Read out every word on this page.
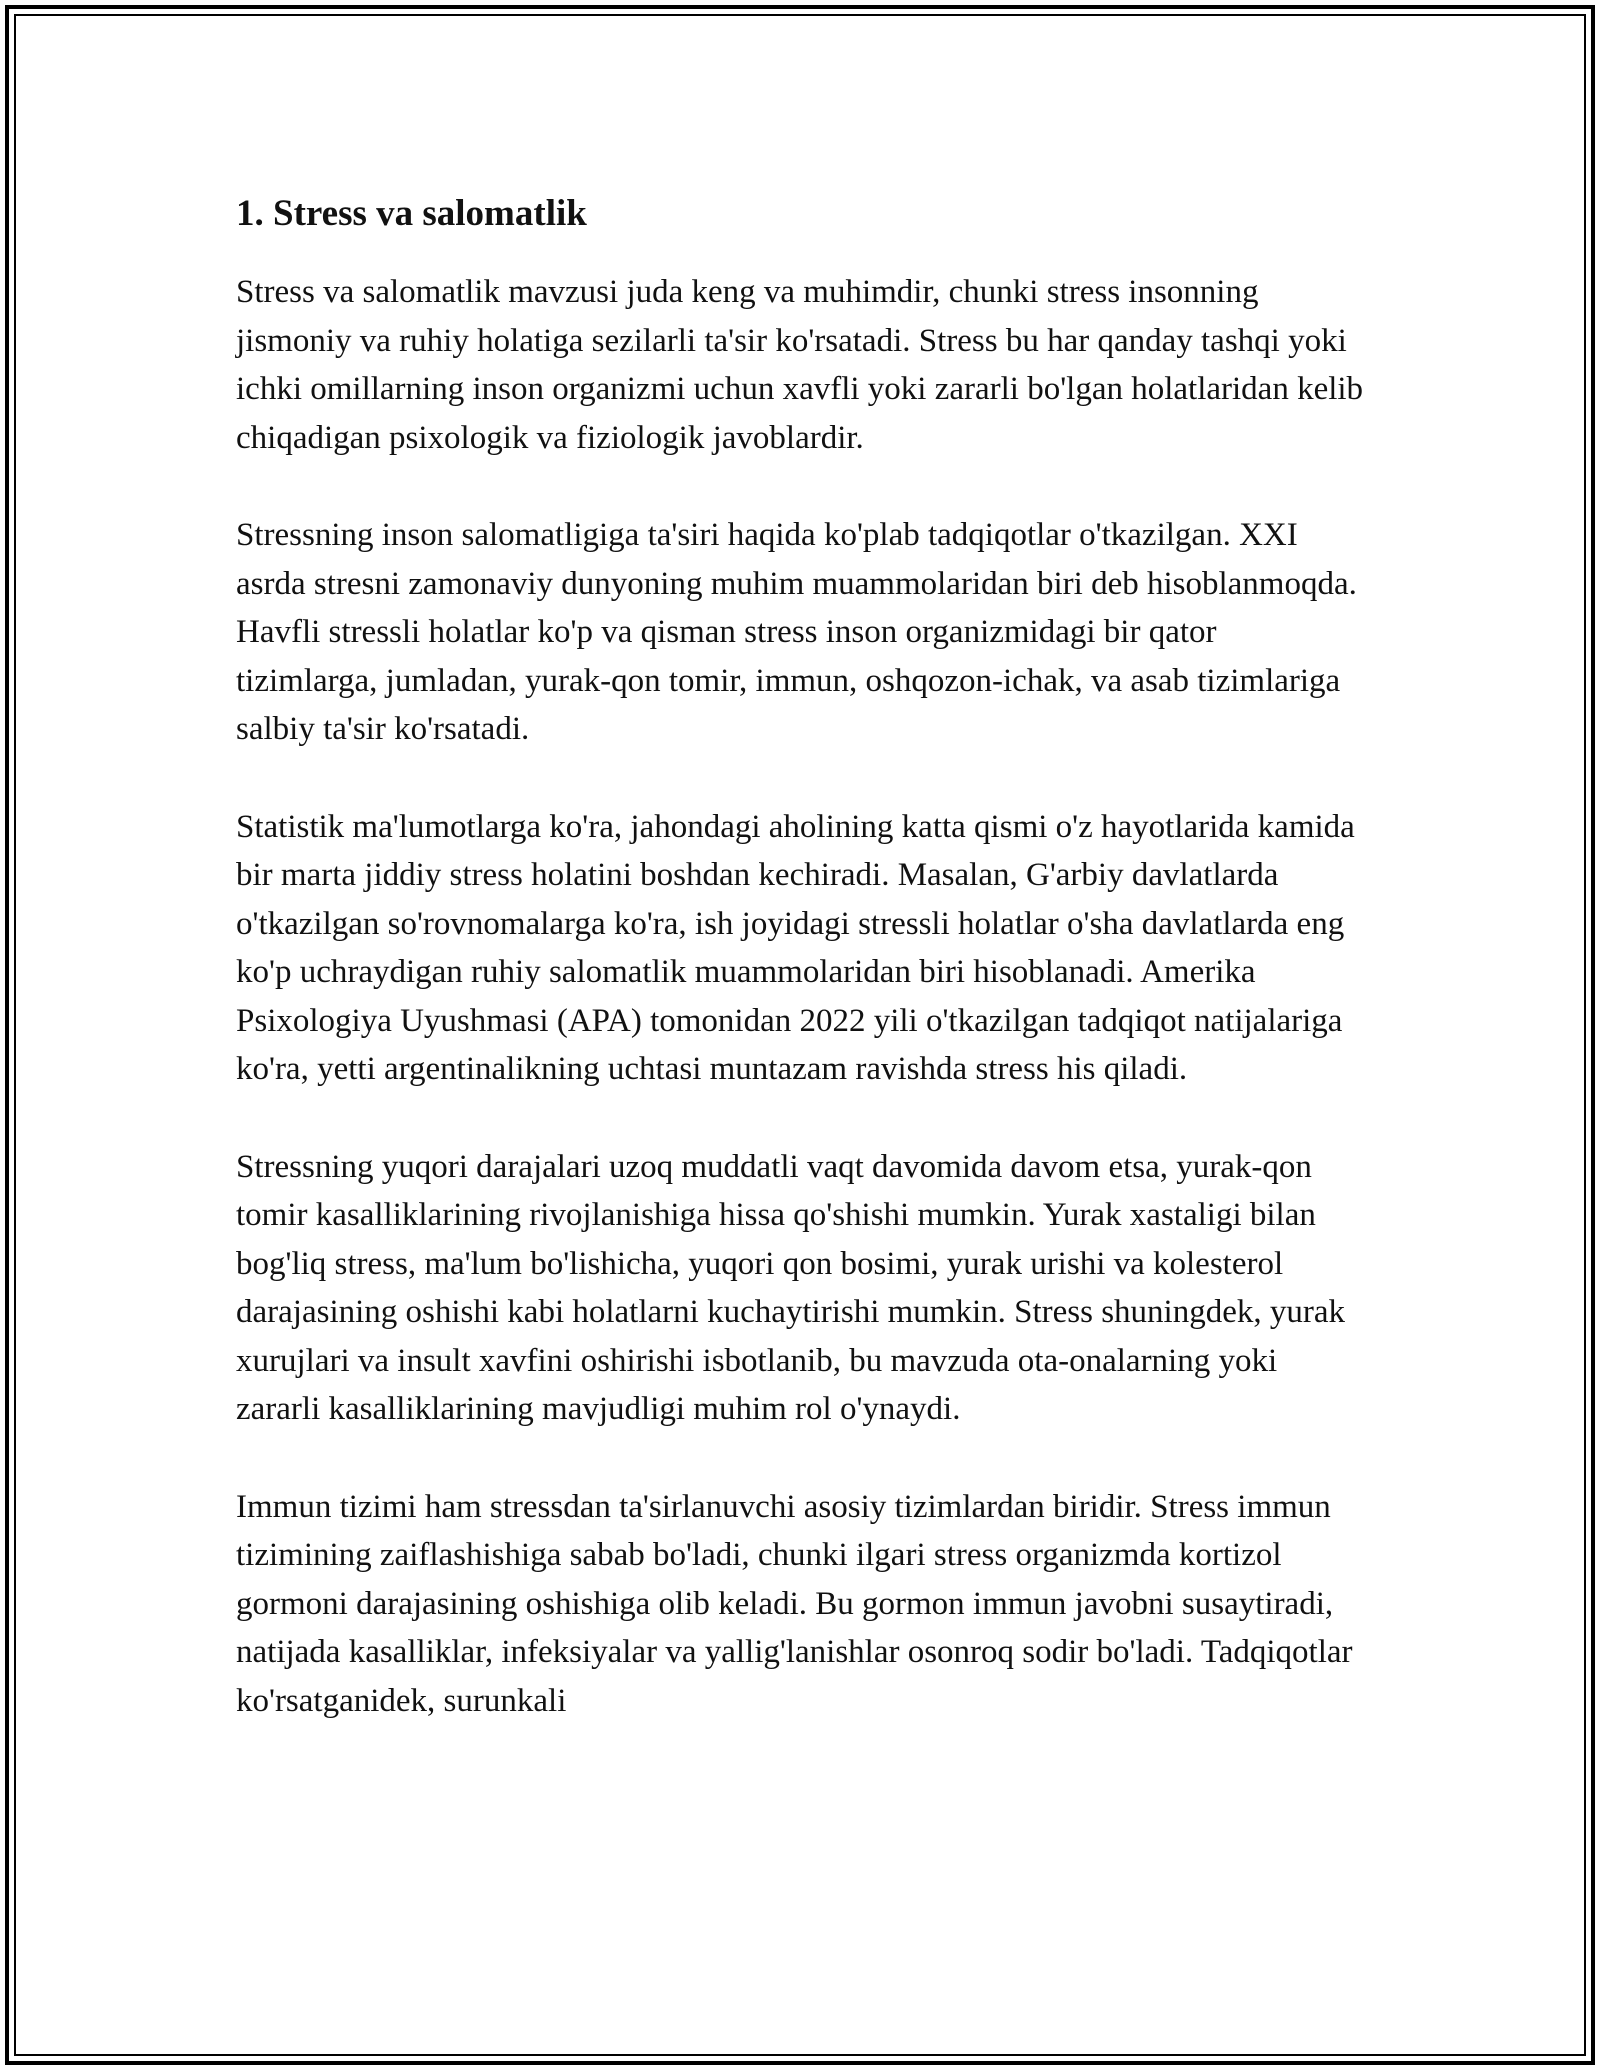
1. Stress va salomatlik

Stress va salomatlik mavzusi juda keng va muhimdir, chunki stress insonning jismoniy va ruhiy holatiga sezilarli ta'sir ko'rsatadi. Stress bu har qanday tashqi yoki ichki omillarning inson organizmi uchun xavfli yoki zararli bo'lgan holatlaridan kelib chiqadigan psixologik va fiziologik javoblardir.

Stressning inson salomatligiga ta'siri haqida ko'plab tadqiqotlar o'tkazilgan. XXI asrda stresni zamonaviy dunyoning muhim muammolaridan biri deb hisoblanmoqda. Havfli stressli holatlar ko'p va qisman stress inson organizmidagi bir qator tizimlarga, jumladan, yurak-qon tomir, immun, oshqozon-ichak, va asab tizimlariga salbiy ta'sir ko'rsatadi.

Statistik ma'lumotlarga ko'ra, jahondagi aholining katta qismi o'z hayotlarida kamida bir marta jiddiy stress holatini boshdan kechiradi. Masalan, G'arbiy davlatlarda o'tkazilgan so'rovnomalarga ko'ra, ish joyidagi stressli holatlar o'sha davlatlarda eng ko'p uchraydigan ruhiy salomatlik muammolaridan biri hisoblanadi. Amerika Psixologiya Uyushmasi (APA) tomonidan 2022 yili o'tkazilgan tadqiqot natijalariga ko'ra, yetti argentinalikning uchtasi muntazam ravishda stress his qiladi.

Stressning yuqori darajalari uzoq muddatli vaqt davomida davom etsa, yurak-qon tomir kasalliklarining rivojlanishiga hissa qo'shishi mumkin. Yurak xastaligi bilan bog'liq stress, ma'lum bo'lishicha, yuqori qon bosimi, yurak urishi va kolesterol darajasining oshishi kabi holatlarni kuchaytirishi mumkin. Stress shuningdek, yurak xurujlari va insult xavfini oshirishi isbotlanib, bu mavzuda ota-onalarning yoki zararli kasalliklarining mavjudligi muhim rol o'ynaydi.

Immun tizimi ham stressdan ta'sirlanuvchi asosiy tizimlardan biridir. Stress immun tizimining zaiflashishiga sabab bo'ladi, chunki ilgari stress organizmda kortizol gormoni darajasining oshishiga olib keladi. Bu gormon immun javobni susaytiradi, natijada kasalliklar, infeksiyalar va yallig'lanishlar osonroq sodir bo'ladi. Tadqiqotlar ko'rsatganidek, surunkali
